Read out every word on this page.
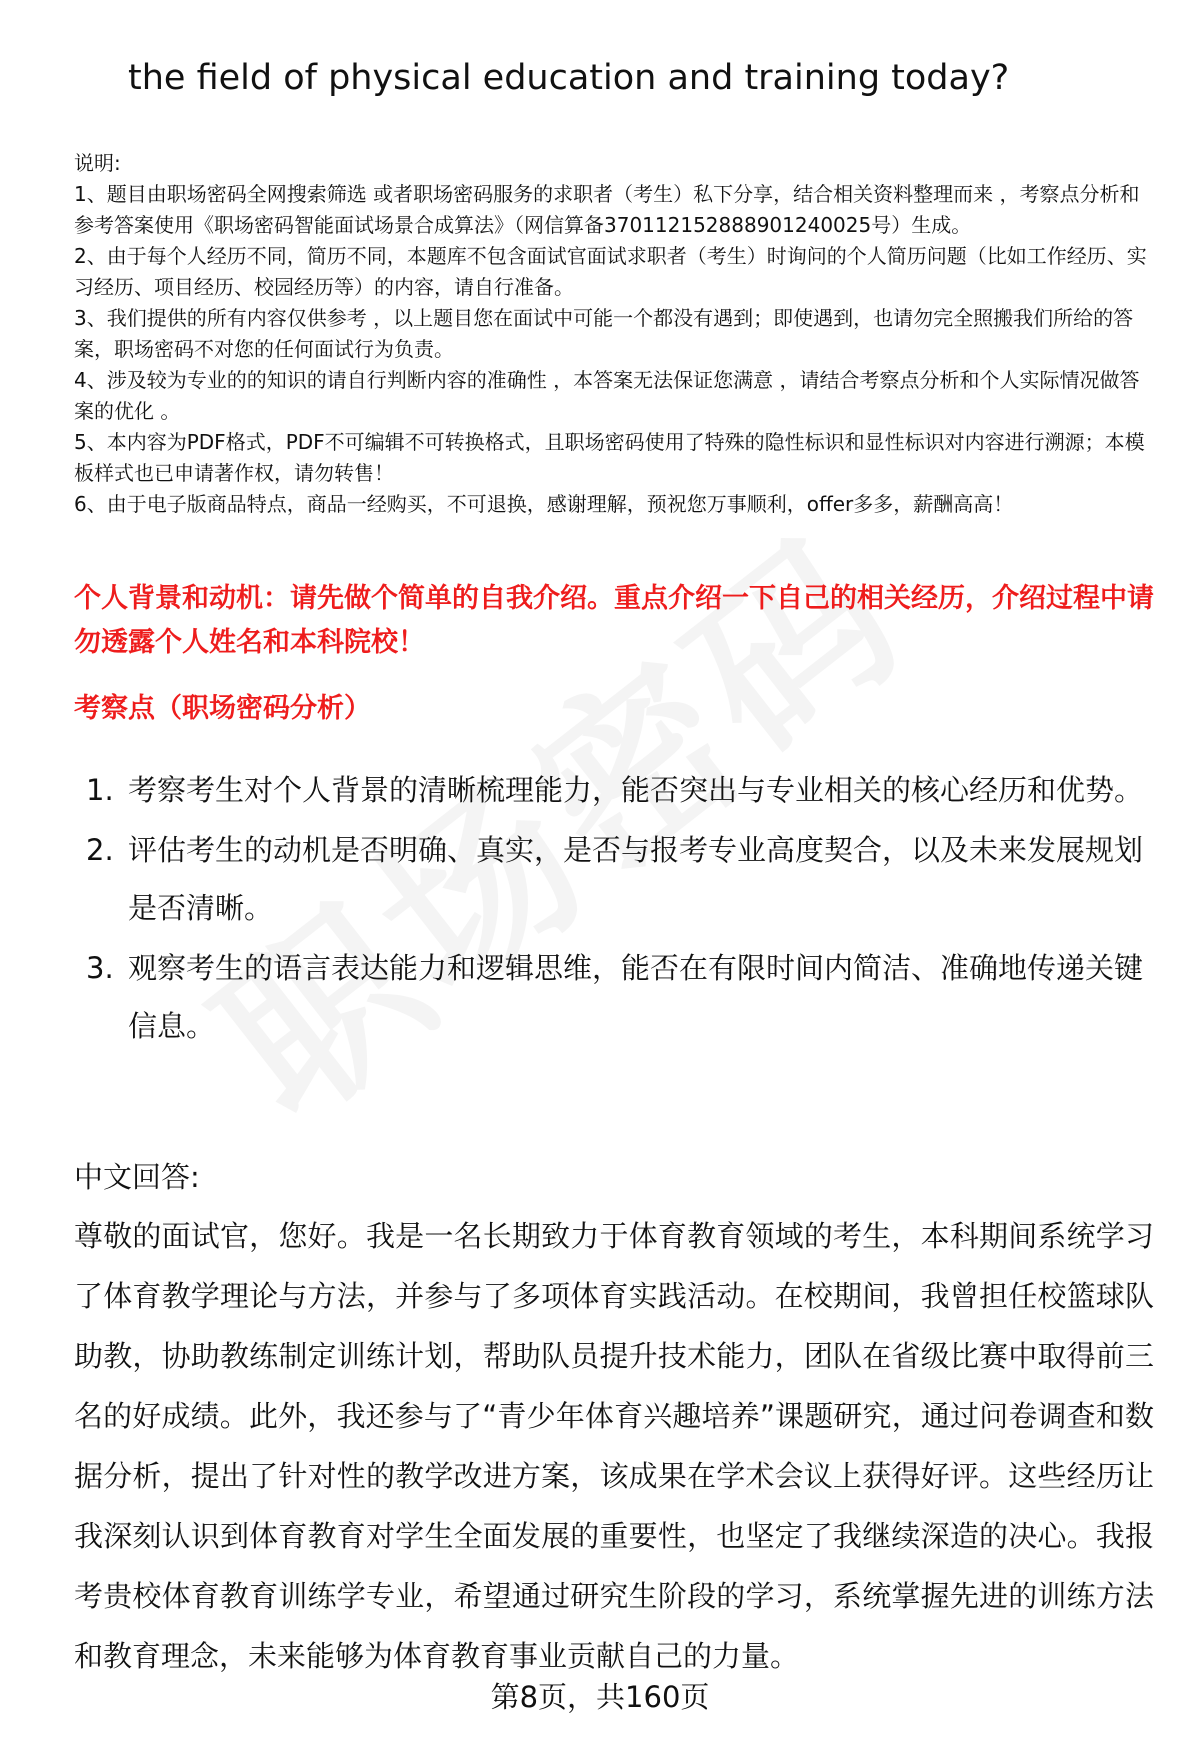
the field of physical education and training today?

说明:

1、题目由职场密码全网搜索筛选 或者职场密码服务的求职者（考生）私下分享，结合相关资料整理而来 ，考察点分析和参考答案使用《职场密码智能面试场景合成算法》（网信算备370112152888901240025号）生成。

2、由于每个人经历不同，简历不同，本题库不包含面试官面试求职者（考生）时询问的个人简历问题（比如工作经历、实习经历、项目经历、校园经历等）的内容，请自行准备。

3、我们提供的所有内容仅供参考 ，以上题目您在面试中可能一个都没有遇到；即使遇到，也请勿完全照搬我们所给的答案，职场密码不对您的任何面试行为负责。

4、涉及较为专业的的知识的请自行判断内容的准确性 ，本答案无法保证您满意 ，请结合考察点分析和个人实际情况做答案的优化 。

5、本内容为PDF格式，PDF不可编辑不可转换格式，且职场密码使用了特殊的隐性标识和显性标识对内容进行溯源；本模板样式也已申请著作权，请勿转售！

6、由于电子版商品特点，商品一经购买，不可退换，感谢理解，预祝您万事顺利，offer多多，薪酬高高！

个人背景和动机：请先做个简单的自我介绍。重点介绍一下自己的相关经历，介绍过程中请勿透露个人姓名和本科院校！
考察点（职场密码分析）
1. 考察考生对个人背景的清晰梳理能力，能否突出与专业相关的核心经历和优势。
2. 评估考生的动机是否明确、真实，是否与报考专业高度契合，以及未来发展规划是否清晰。
3. 观察考生的语言表达能力和逻辑思维，能否在有限时间内简洁、准确地传递关键信息。
中文回答:
尊敬的面试官，您好。我是一名长期致力于体育教育领域的考生，本科期间系统学习了体育教学理论与方法，并参与了多项体育实践活动。在校期间，我曾担任校篮球队助教，协助教练制定训练计划，帮助队员提升技术能力，团队在省级比赛中取得前三名的好成绩。此外，我还参与了“青少年体育兴趣培养”课题研究，通过问卷调查和数据分析，提出了针对性的教学改进方案，该成果在学术会议上获得好评。这些经历让我深刻认识到体育教育对学生全面发展的重要性，也坚定了我继续深造的决心。我报考贵校体育教育训练学专业，希望通过研究生阶段的学习，系统掌握先进的训练方法和教育理念，未来能够为体育教育事业贡献自己的力量。
第8页，共160页
